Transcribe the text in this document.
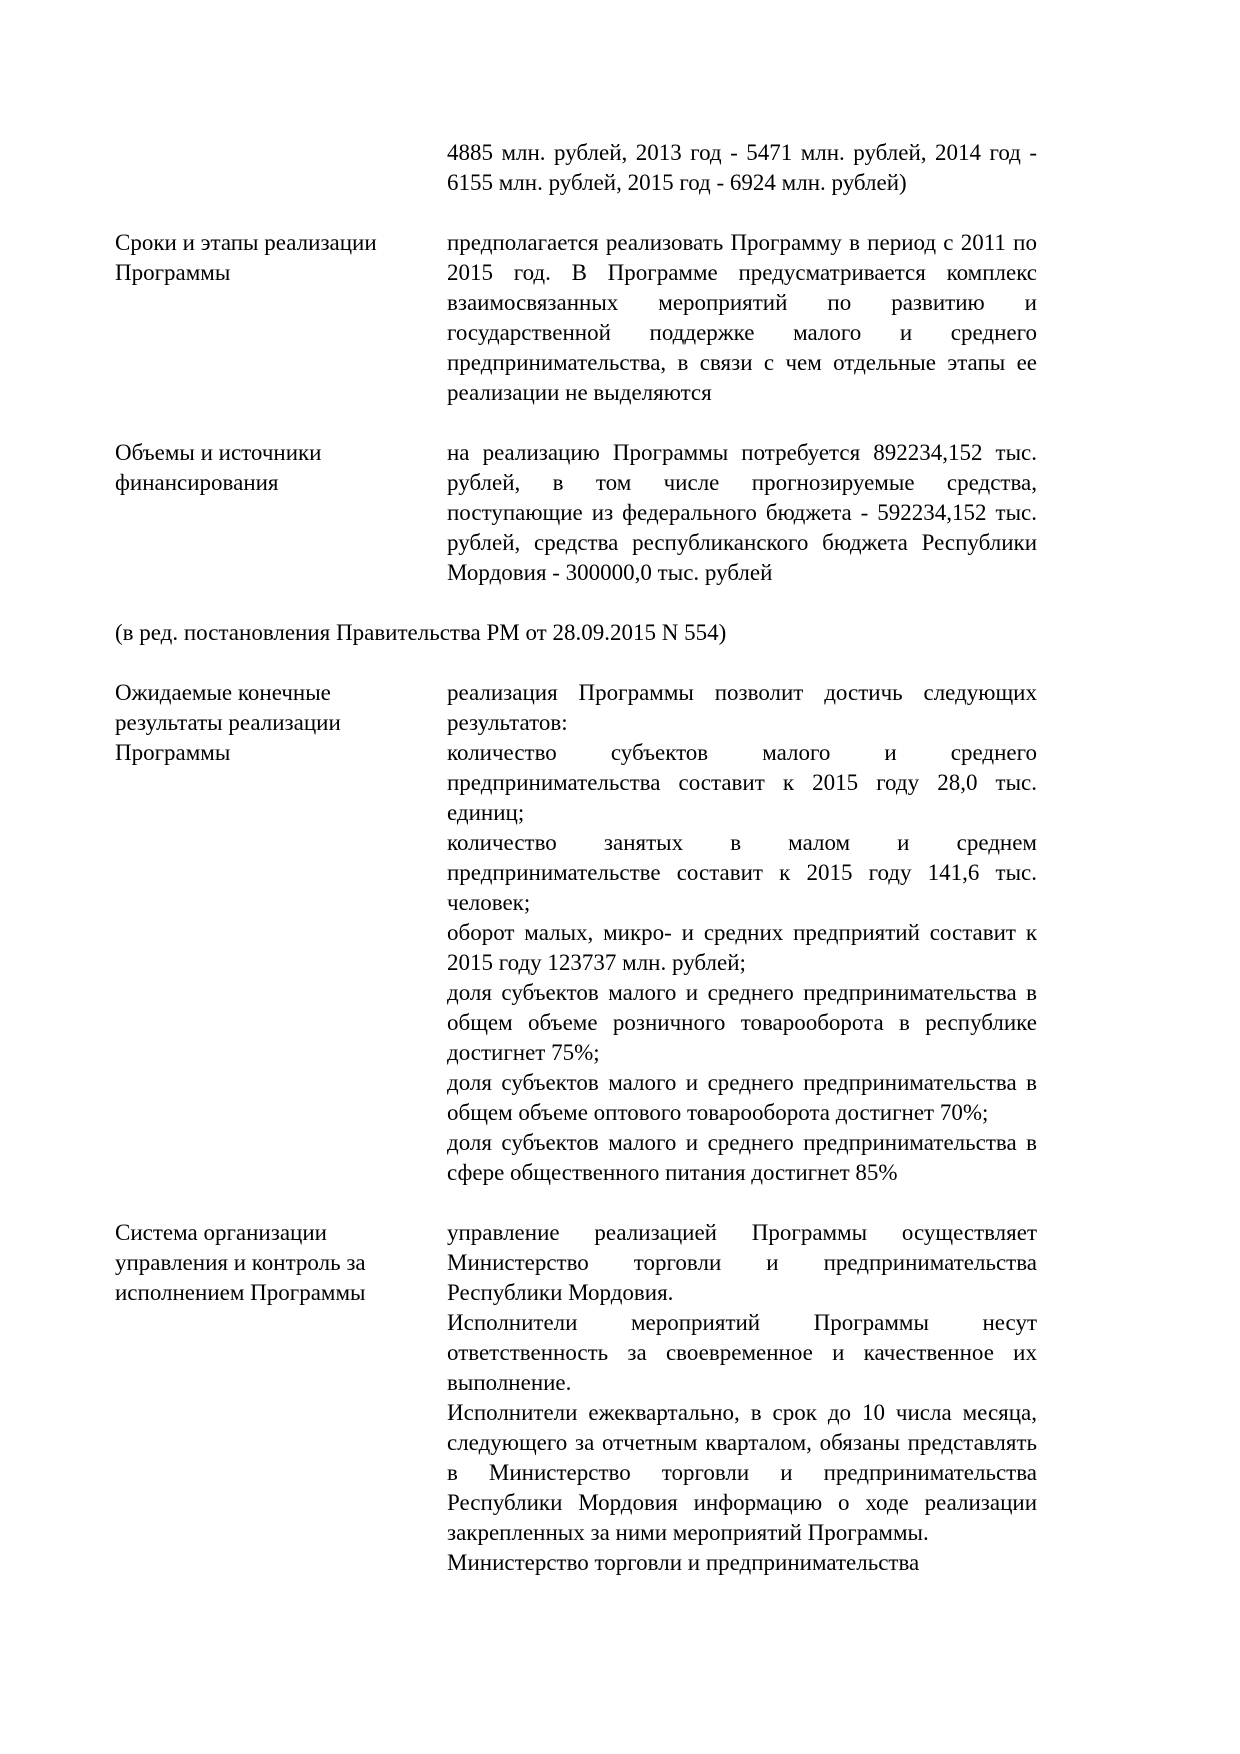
4885 млн. рублей, 2013 год - 5471 млн. рублей, 2014 год - 6155 млн. рублей, 2015 год - 6924 млн. рублей)

Сроки и этапы реализации Программы

предполагается реализовать Программу в период с 2011 по 2015 год. В Программе предусматривается комплекс взаимосвязанных мероприятий по развитию и государственной поддержке малого и среднего предпринимательства, в связи с чем отдельные этапы ее реализации не выделяются

Объемы и источники финансирования

на реализацию Программы потребуется 892234,152 тыс. рублей, в том числе прогнозируемые средства, поступающие из федерального бюджета - 592234,152 тыс. рублей, средства республиканского бюджета Республики Мордовия - 300000,0 тыс. рублей

(в ред. постановления Правительства РМ от 28.09.2015 N 554)
Ожидаемые конечные результаты реализации Программы

реализация Программы позволит достичь следующих результатов:

количество субъектов малого и среднего предпринимательства составит к 2015 году 28,0 тыс. единиц;

количество занятых в малом и среднем предпринимательстве составит к 2015 году 141,6 тыс. человек;

оборот малых, микро- и средних предприятий составит к 2015 году 123737 млн. рублей;

доля субъектов малого и среднего предпринимательства в общем объеме розничного товарооборота в республике достигнет 75%;

доля субъектов малого и среднего предпринимательства в общем объеме оптового товарооборота достигнет 70%;

доля субъектов малого и среднего предпринимательства в сфере общественного питания достигнет 85%

Система организации управления и контроль за исполнением Программы

управление реализацией Программы осуществляет Министерство торговли и предпринимательства Республики Мордовия.

Исполнители мероприятий Программы несут ответственность за своевременное и качественное их выполнение.

Исполнители ежеквартально, в срок до 10 числа месяца, следующего за отчетным кварталом, обязаны представлять в Министерство торговли и предпринимательства Республики Мордовия информацию о ходе реализации закрепленных за ними мероприятий Программы.

Министерство торговли и предпринимательства
